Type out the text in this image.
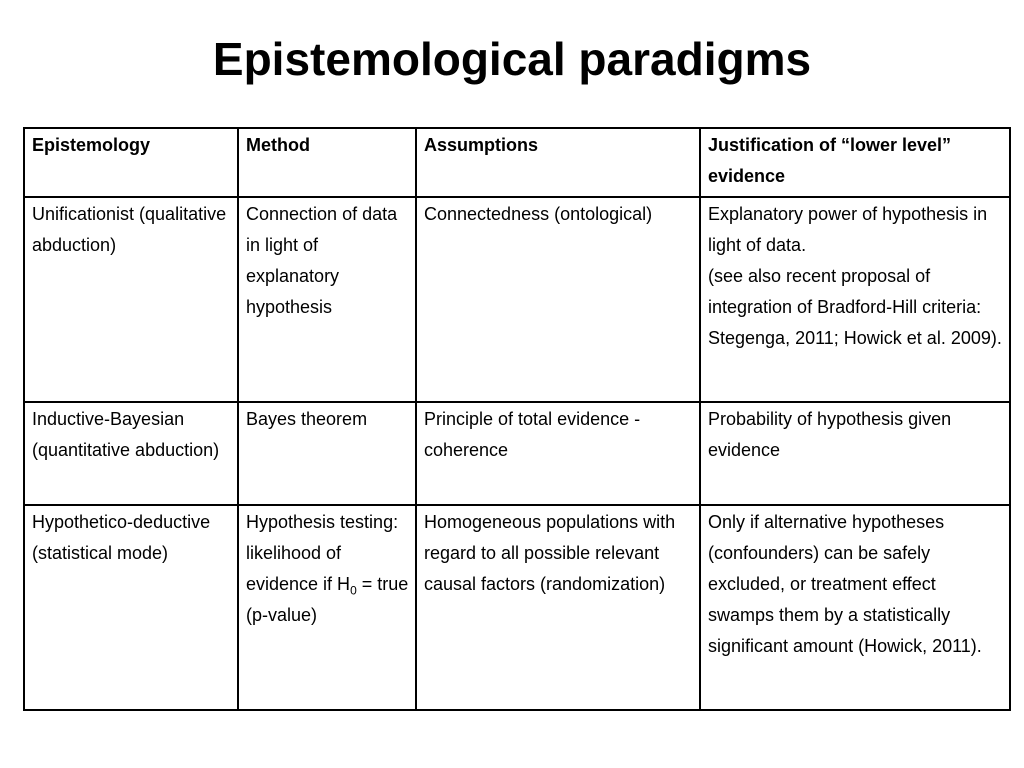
Epistemological paradigms
Epistemology	Method	Assumptions	Justification of “lower level” evidence

Unificationist (qualitative abduction)	Connection of data in light of explanatory hypothesis	Connectedness (ontological)	Explanatory power of hypothesis in light of data.
(see also recent proposal of integration of Bradford-Hill criteria: Stegenga, 2011; Howick et al. 2009).

Inductive-Bayesian (quantitative abduction)	Bayes theorem	Principle of total evidence - coherence	Probability of hypothesis given evidence

Hypothetico-deductive (statistical mode)	Hypothesis testing: likelihood of evidence if $H_0$ = true (p-value)	Homogeneous populations with regard to all possible relevant causal factors (randomization)	Only if alternative hypotheses (confounders) can be safely excluded, or treatment effect swamps them by a statistically significant amount (Howick, 2011).
